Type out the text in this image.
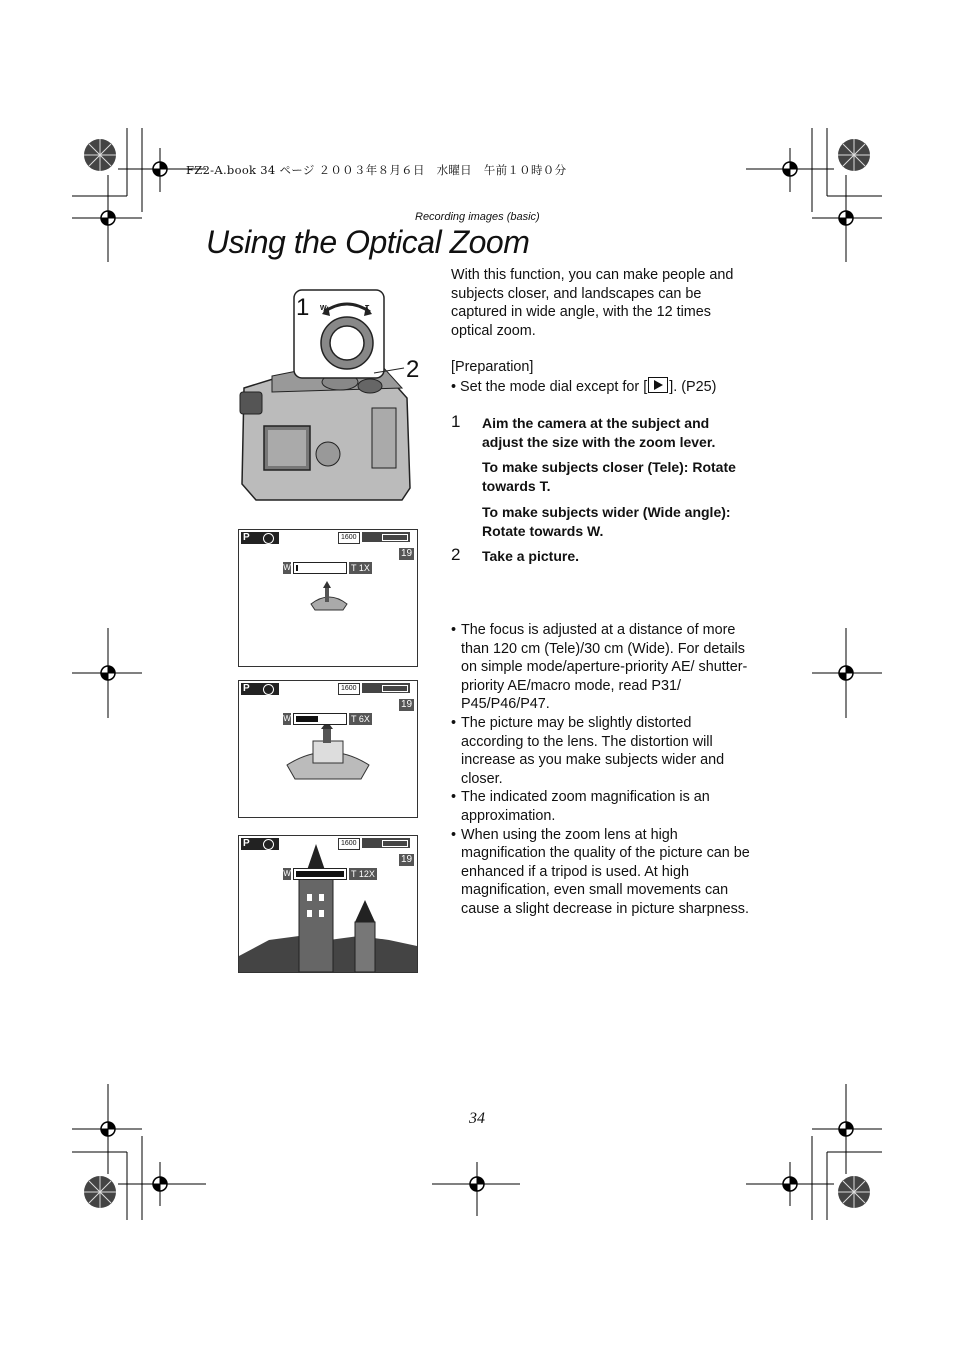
FZ2-A.book 34 ページ ２００３年８月６日　水曜日　午前１０時０分
Recording images (basic)
Using the Optical Zoom
1
2
W	T
P	1600
19
W	T 1X
P	1600
19
W	T 6X
P	1600
19
W	T 12X
With this function, you can make people and subjects closer, and landscapes can be captured in wide angle, with the 12 times optical zoom.
[Preparation]
• Set the mode dial except for [ ]. (P25)
1 Aim the camera at the subject and adjust the size with the zoom lever.
To make subjects closer (Tele): Rotate towards T.
To make subjects wider (Wide angle): Rotate towards W.
2 Take a picture.
• The focus is adjusted at a distance of more than 120 cm (Tele)/30 cm (Wide). For details on simple mode/aperture-priority AE/ shutter-priority AE/macro mode, read P31/ P45/P46/P47.
• The picture may be slightly distorted according to the lens. The distortion will increase as you make subjects wider and closer.
• The indicated zoom magnification is an approximation.
• When using the zoom lens at high magnification the quality of the picture can be enhanced if a tripod is used. At high magnification, even small movements can cause a slight decrease in picture sharpness.
34
